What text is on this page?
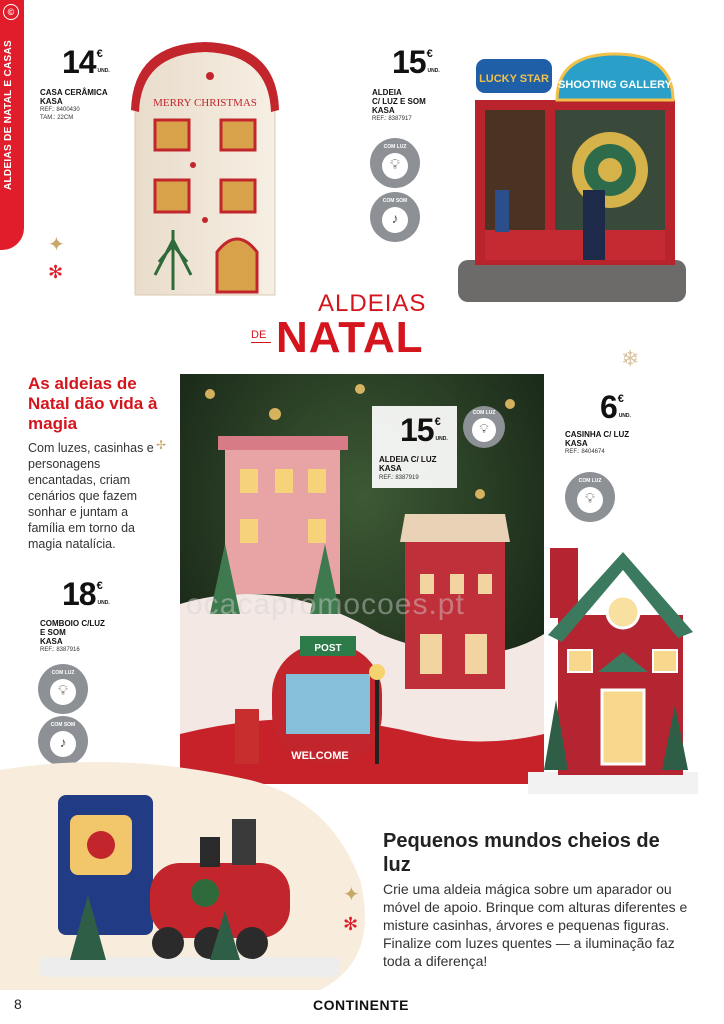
©
ALDEIAS DE NATAL E CASAS	MERRY CHRISTMAS
14€
UND.
CASA CERÂMICA
KASA
REF.: 8400430
TAM.: 22CM
✦
✻
15€
UND.
ALDEIA
C/ LUZ E SOM
KASA
REF.: 8387917
COM LUZ
💡︎
COM SOM
♪
LUCKY STAR SHOOTING GALLERY
ALDEIAS
DE NATAL	❄
As aldeias de Natal dão vida à magia
Com luzes, casinhas e personagens encantadas, criam cenários que fazem sonhar e juntam a família em torno da magia natalícia.
✢
POST
WELCOME
ocacapromocoes.pt
15€
UND.
ALDEIA C/ LUZ
KASA
REF.: 8387919
COM LUZ
💡︎
6€
UND.
CASINHA C/ LUZ
KASA
REF.: 8404674
COM LUZ
💡︎
18€
UND.
COMBOIO C/LUZ
E SOM
KASA
REF.: 8387916
COM LUZ
💡︎
COM SOM
♪
Pequenos mundos cheios de luz
✦
✻
Crie uma aldeia mágica sobre um aparador ou móvel de apoio. Brinque com alturas diferentes e misture casinhas, árvores e pequenas figuras. Finalize com luzes quentes — a iluminação faz toda a diferença!
8	CONTINENTE
